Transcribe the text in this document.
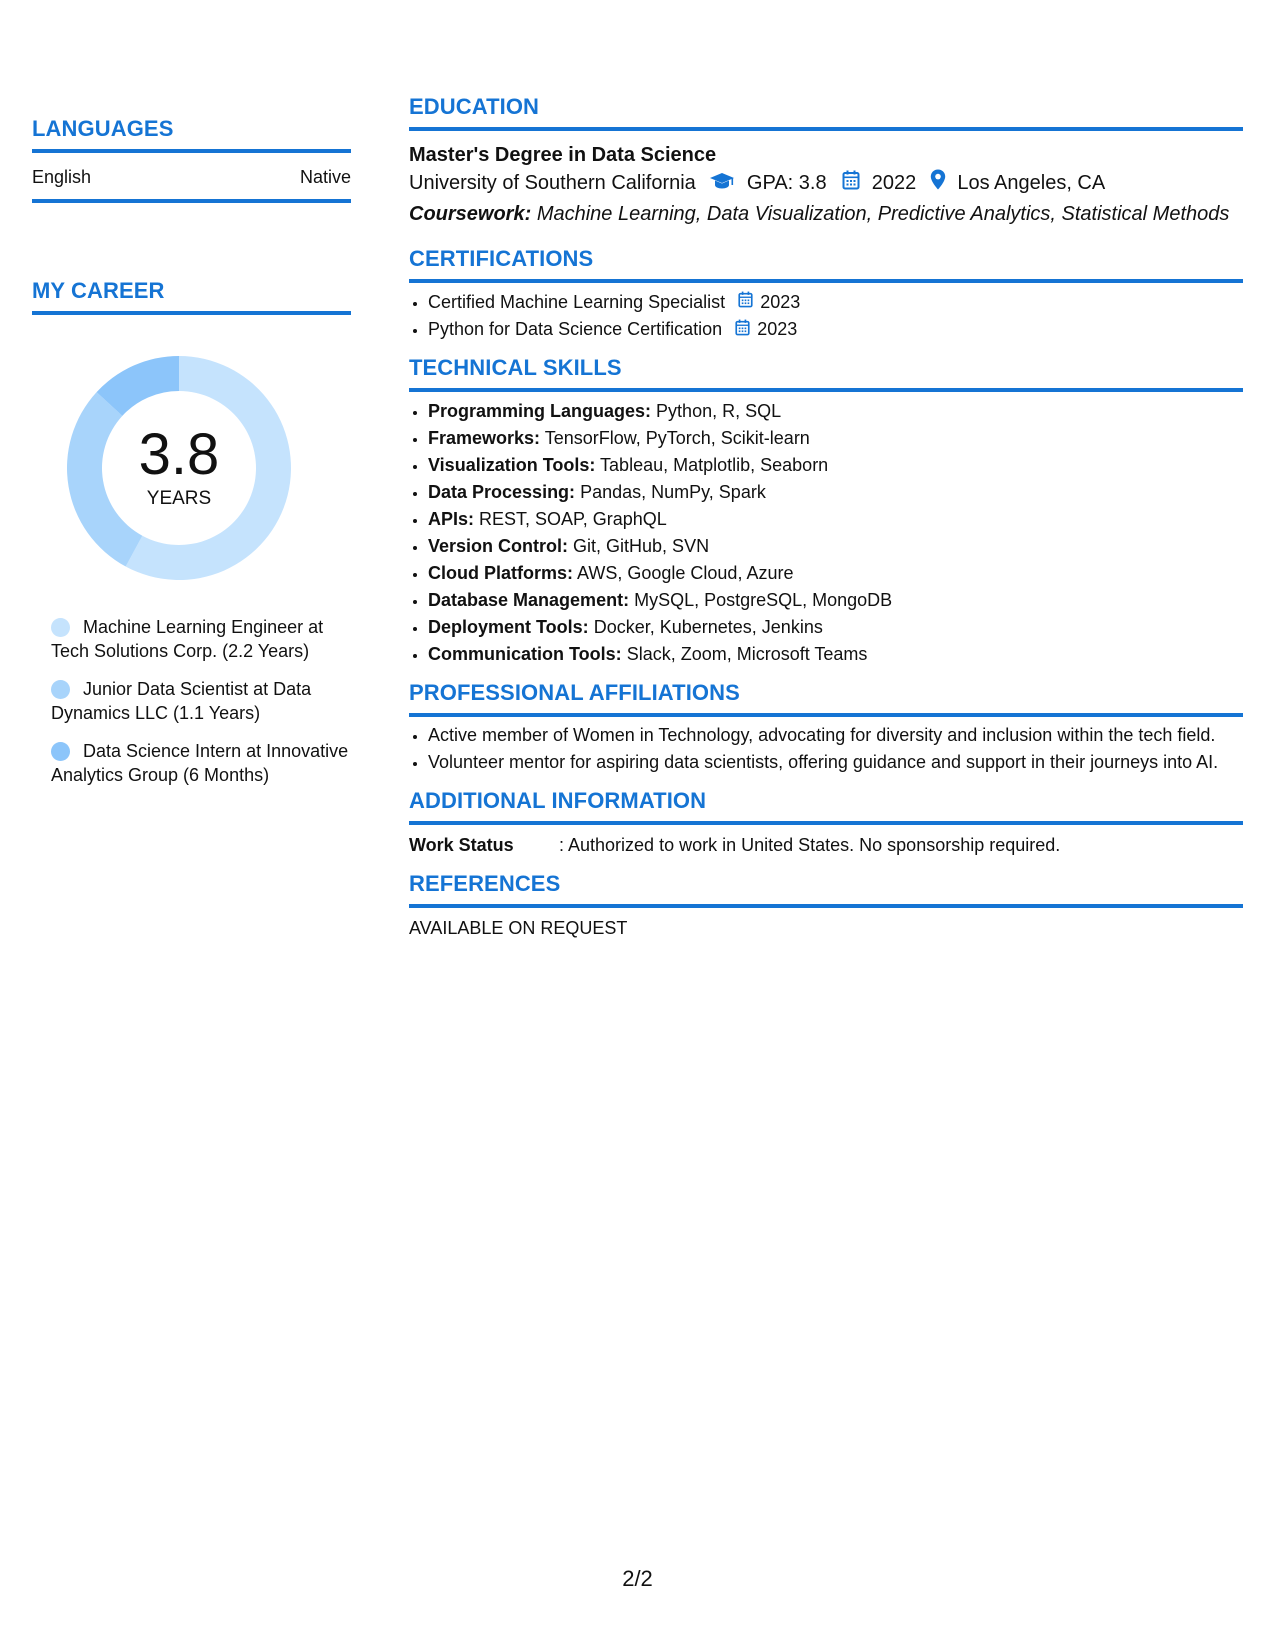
LANGUAGES
English	Native
MY CAREER
3.8
YEARS
Machine Learning Engineer at Tech Solutions Corp. (2.2 Years)
Junior Data Scientist at Data Dynamics LLC (1.1 Years)
Data Science Intern at Innovative Analytics Group (6 Months)
EDUCATION
Master's Degree in Data Science
University of Southern California	GPA: 3.8 2022 Los Angeles, CA
Coursework: Machine Learning, Data Visualization, Predictive Analytics, Statistical Methods
CERTIFICATIONS
• Certified Machine Learning Specialist 2023
• Python for Data Science Certification 2023
TECHNICAL SKILLS
• Programming Languages: Python, R, SQL
• Frameworks: TensorFlow, PyTorch, Scikit-learn
• Visualization Tools: Tableau, Matplotlib, Seaborn
• Data Processing: Pandas, NumPy, Spark
• APIs: REST, SOAP, GraphQL
• Version Control: Git, GitHub, SVN
• Cloud Platforms: AWS, Google Cloud, Azure
• Database Management: MySQL, PostgreSQL, MongoDB
• Deployment Tools: Docker, Kubernetes, Jenkins
• Communication Tools: Slack, Zoom, Microsoft Teams
PROFESSIONAL AFFILIATIONS
• Active member of Women in Technology, advocating for diversity and inclusion within the tech field.
• Volunteer mentor for aspiring data scientists, offering guidance and support in their journeys into AI.
ADDITIONAL INFORMATION
Work Status	: Authorized to work in United States. No sponsorship required.
REFERENCES
AVAILABLE ON REQUEST
2/2
